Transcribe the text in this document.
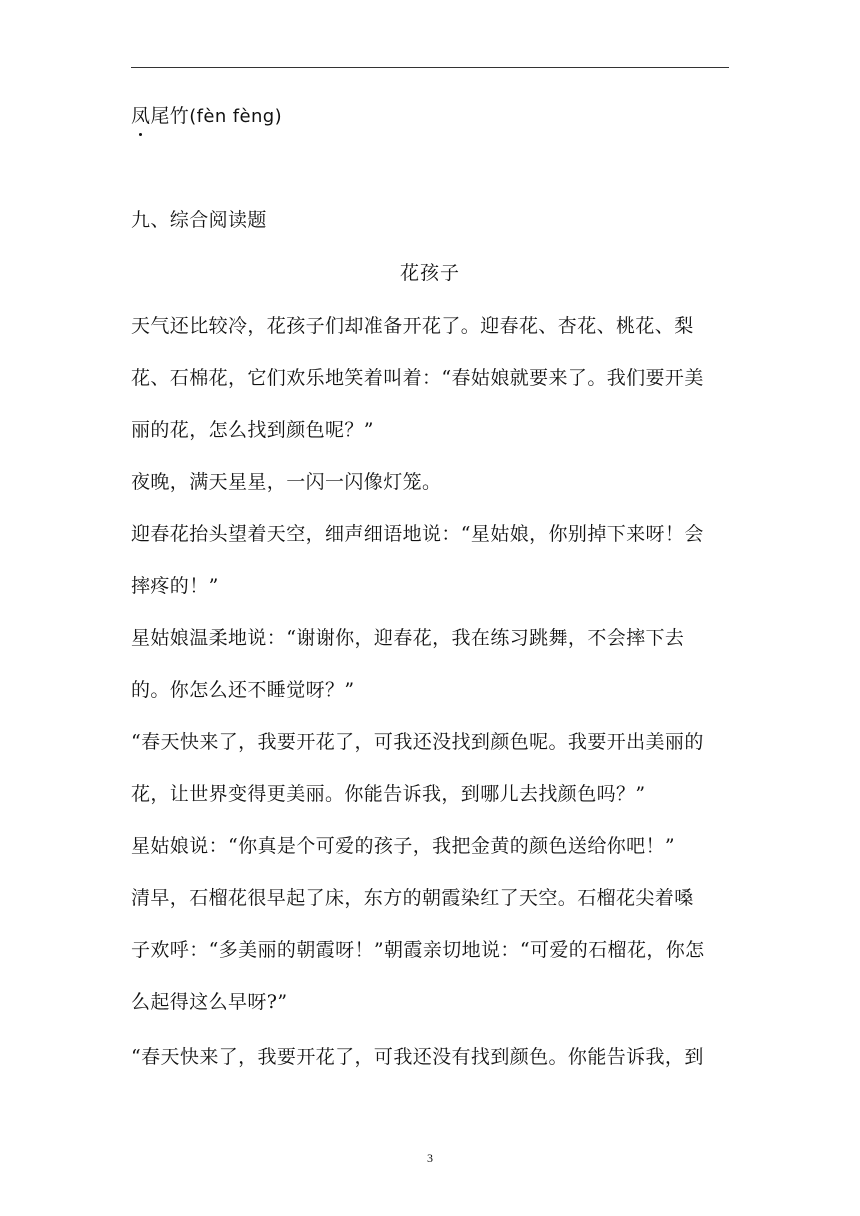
凤尾竹(fèn fèng)
九、综合阅读题
花孩子
天气还比较冷，花孩子们却准备开花了。迎春花、杏花、桃花、梨
花、石棉花，它们欢乐地笑着叫着：“春姑娘就要来了。我们要开美
丽的花，怎么找到颜色呢？”
夜晚，满天星星，一闪一闪像灯笼。
迎春花抬头望着天空，细声细语地说：“星姑娘，你别掉下来呀！会
摔疼的！”
星姑娘温柔地说：“谢谢你，迎春花，我在练习跳舞，不会摔下去
的。你怎么还不睡觉呀？”
“春天快来了，我要开花了，可我还没找到颜色呢。我要开出美丽的
花，让世界变得更美丽。你能告诉我，到哪儿去找颜色吗？”
星姑娘说：“你真是个可爱的孩子，我把金黄的颜色送给你吧！”
清早，石榴花很早起了床，东方的朝霞染红了天空。石榴花尖着嗓
子欢呼：“多美丽的朝霞呀！”朝霞亲切地说：“可爱的石榴花，你怎
么起得这么早呀?”
“春天快来了，我要开花了，可我还没有找到颜色。你能告诉我，到
3
